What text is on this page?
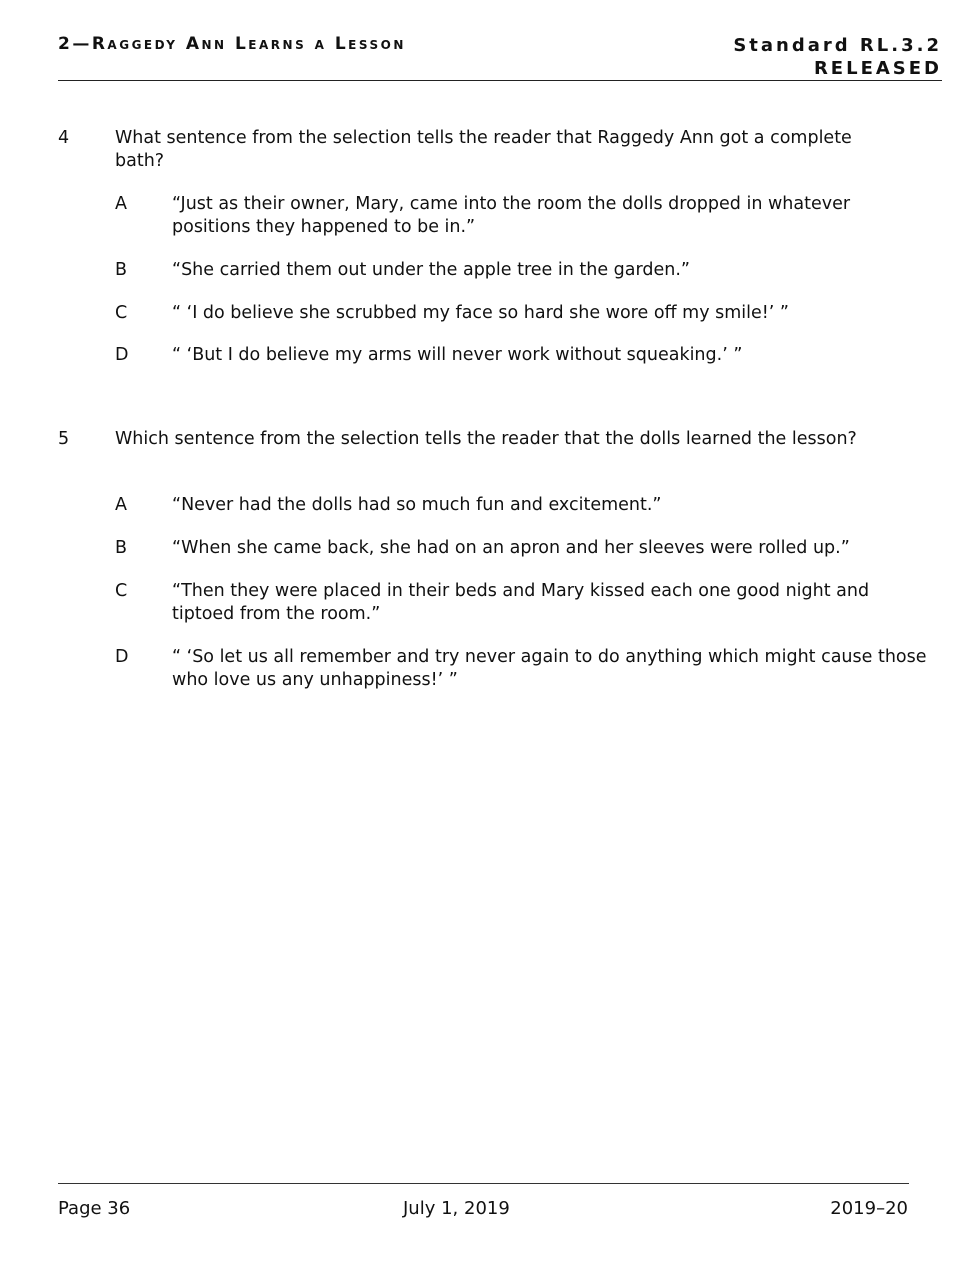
2—Raggedy Ann Learns a Lesson	Standard RL.3.2
RELEASED
4	What sentence from the selection tells the reader that Raggedy Ann got a complete bath?
A	“Just as their owner, Mary, came into the room the dolls dropped in whatever positions they happened to be in.”
B	“She carried them out under the apple tree in the garden.”
C	“ ‘I do believe she scrubbed my face so hard she wore off my smile!’ ”
D “ ‘But I do believe my arms will never work without squeaking.’ ”
5	Which sentence from the selection tells the reader that the dolls learned the lesson?
A	“Never had the dolls had so much fun and excitement.”
B	“When she came back, she had on an apron and her sleeves were rolled up.”
C	“Then they were placed in their beds and Mary kissed each one good night and tiptoed from the room.”
D “ ‘So let us all remember and try never again to do anything which might cause those who love us any unhappiness!’ ”
Page 36	July 1, 2019	2019–20
